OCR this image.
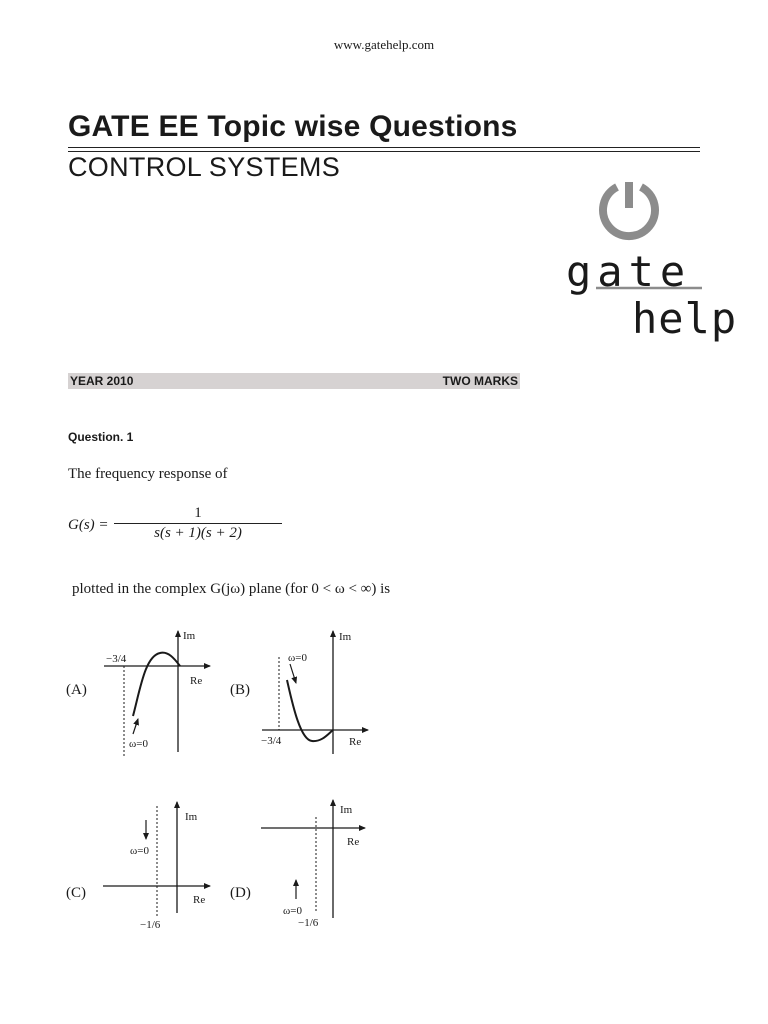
www.gatehelp.com
GATE EE Topic wise Questions
CONTROL SYSTEMS
gate
help
YEAR 2010	TWO MARKS
Question. 1
The frequency response of
G(s) =
1
s(s + 1)(s + 2)
plotted in the complex G(jω) plane (for 0 < ω < ∞) is
(A)
Im
Re
−3/4
ω=0
(B)
Im
Re
−3/4
ω=0
(C)
Im
Re
−1/6
ω=0
(D)
Im
Re
−1/6
ω=0
